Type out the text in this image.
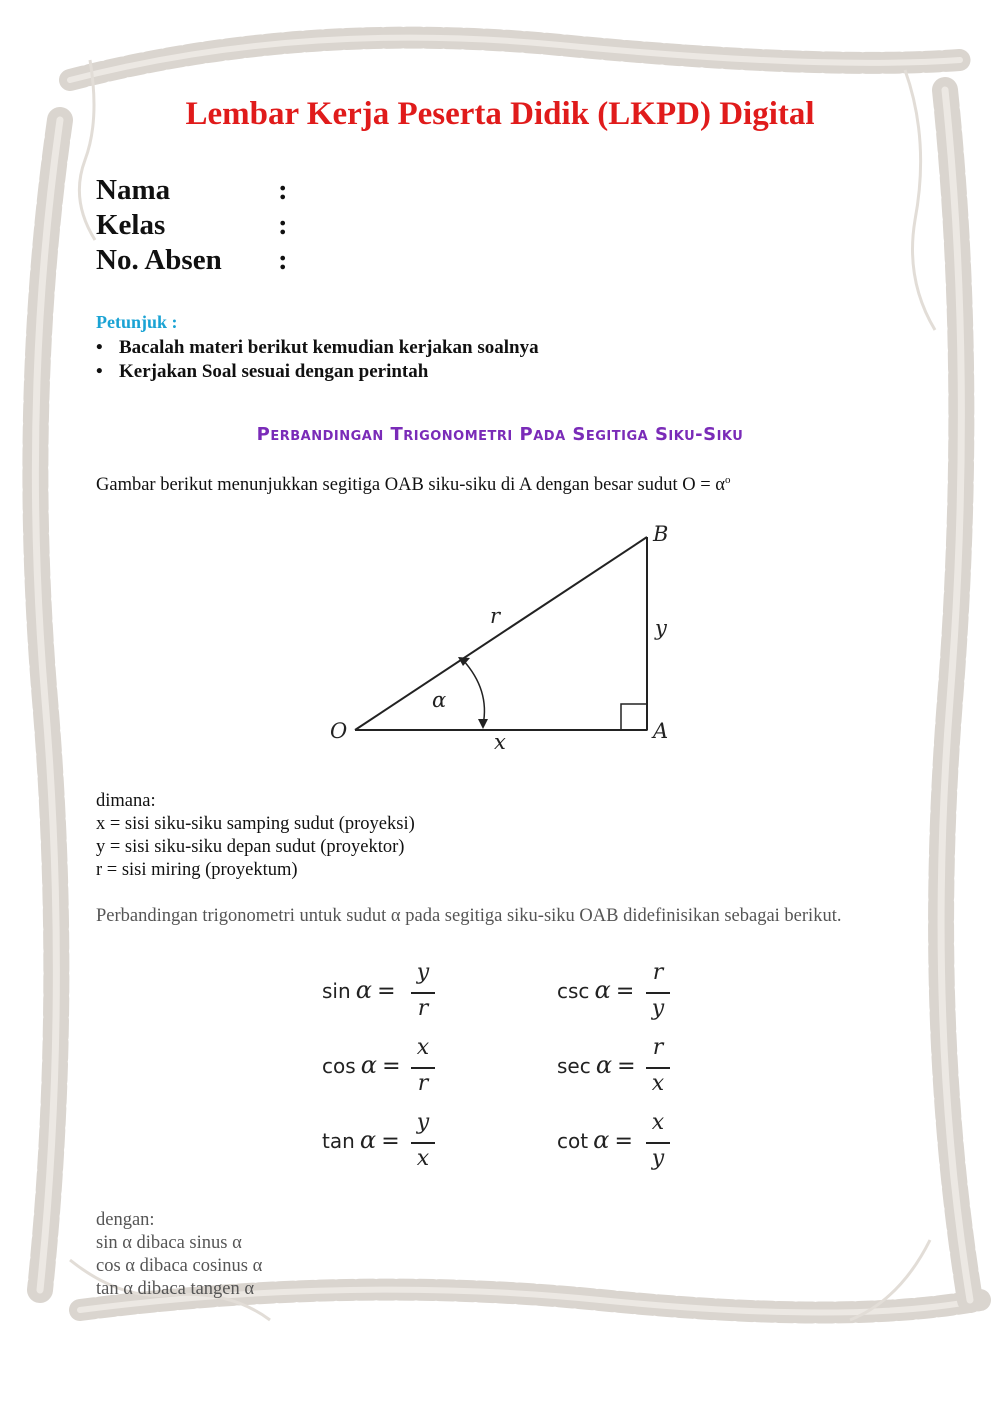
Lembar Kerja Peserta Didik (LKPD) Digital
Nama	:
Kelas	:
No. Absen :
Petunjuk :
• Bacalah materi berikut kemudian kerjakan soalnya
• Kerjakan Soal sesuai dengan perintah
Perbandingan Trigonometri Pada Segitiga Siku-Siku
Gambar berikut menunjukkan segitiga OAB siku-siku di A dengan besar sudut $O = \alpha^o$
O	A
B
r	y
x
α
dimana:
x = sisi siku-siku samping sudut (proyeksi)
y = sisi siku-siku depan sudut (proyektor)
r = sisi miring (proyektum)
Perbandingan trigonometri untuk sudut α pada segitiga siku-siku OAB didefinisikan sebagai berikut.
sin α =
y
r
csc α =
r
y
cos α =
x
r
sec α =
r
x
tan α =
y
x
cot α =
x
y
dengan:
sin α dibaca sinus α
cos α dibaca cosinus α
tan α dibaca tangen α
